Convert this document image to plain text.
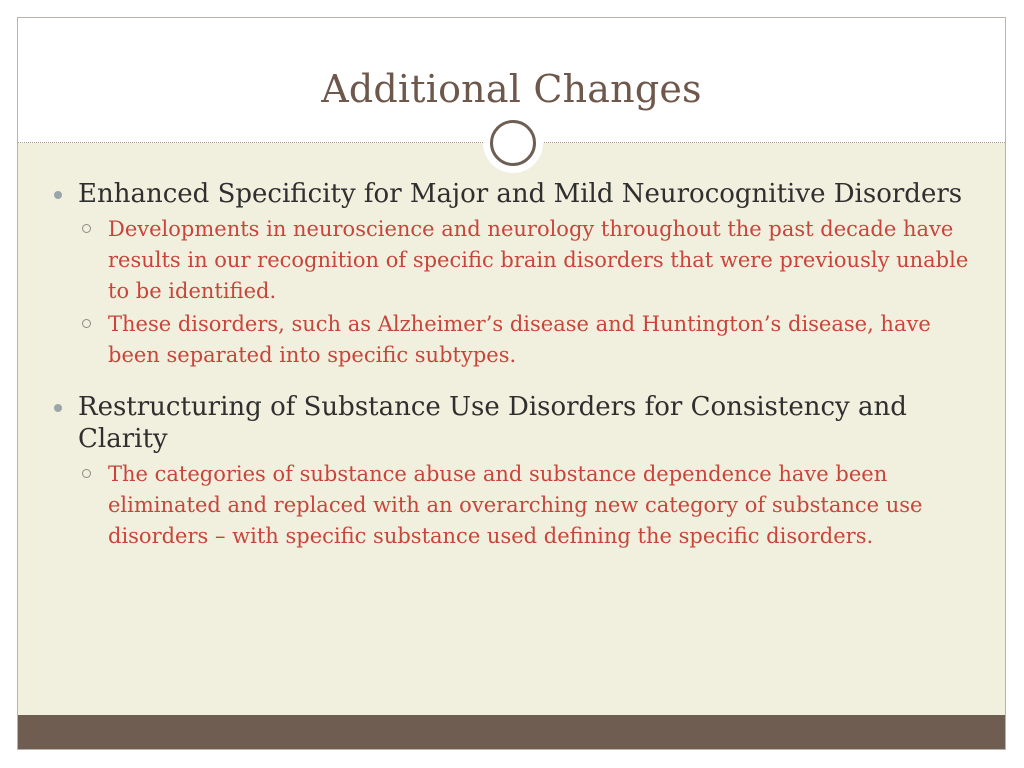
Additional Changes
Enhanced Specificity for Major and Mild Neurocognitive Disorders
Developments in neuroscience and neurology throughout the past decade have results in our recognition of specific brain disorders that were previously unable to be identified.
These disorders, such as Alzheimer’s disease and Huntington’s disease, have been separated into specific subtypes.
Restructuring of Substance Use Disorders for Consistency and Clarity
The categories of substance abuse and substance dependence have been eliminated and replaced with an overarching new category of substance use disorders – with specific substance used defining the specific disorders.
